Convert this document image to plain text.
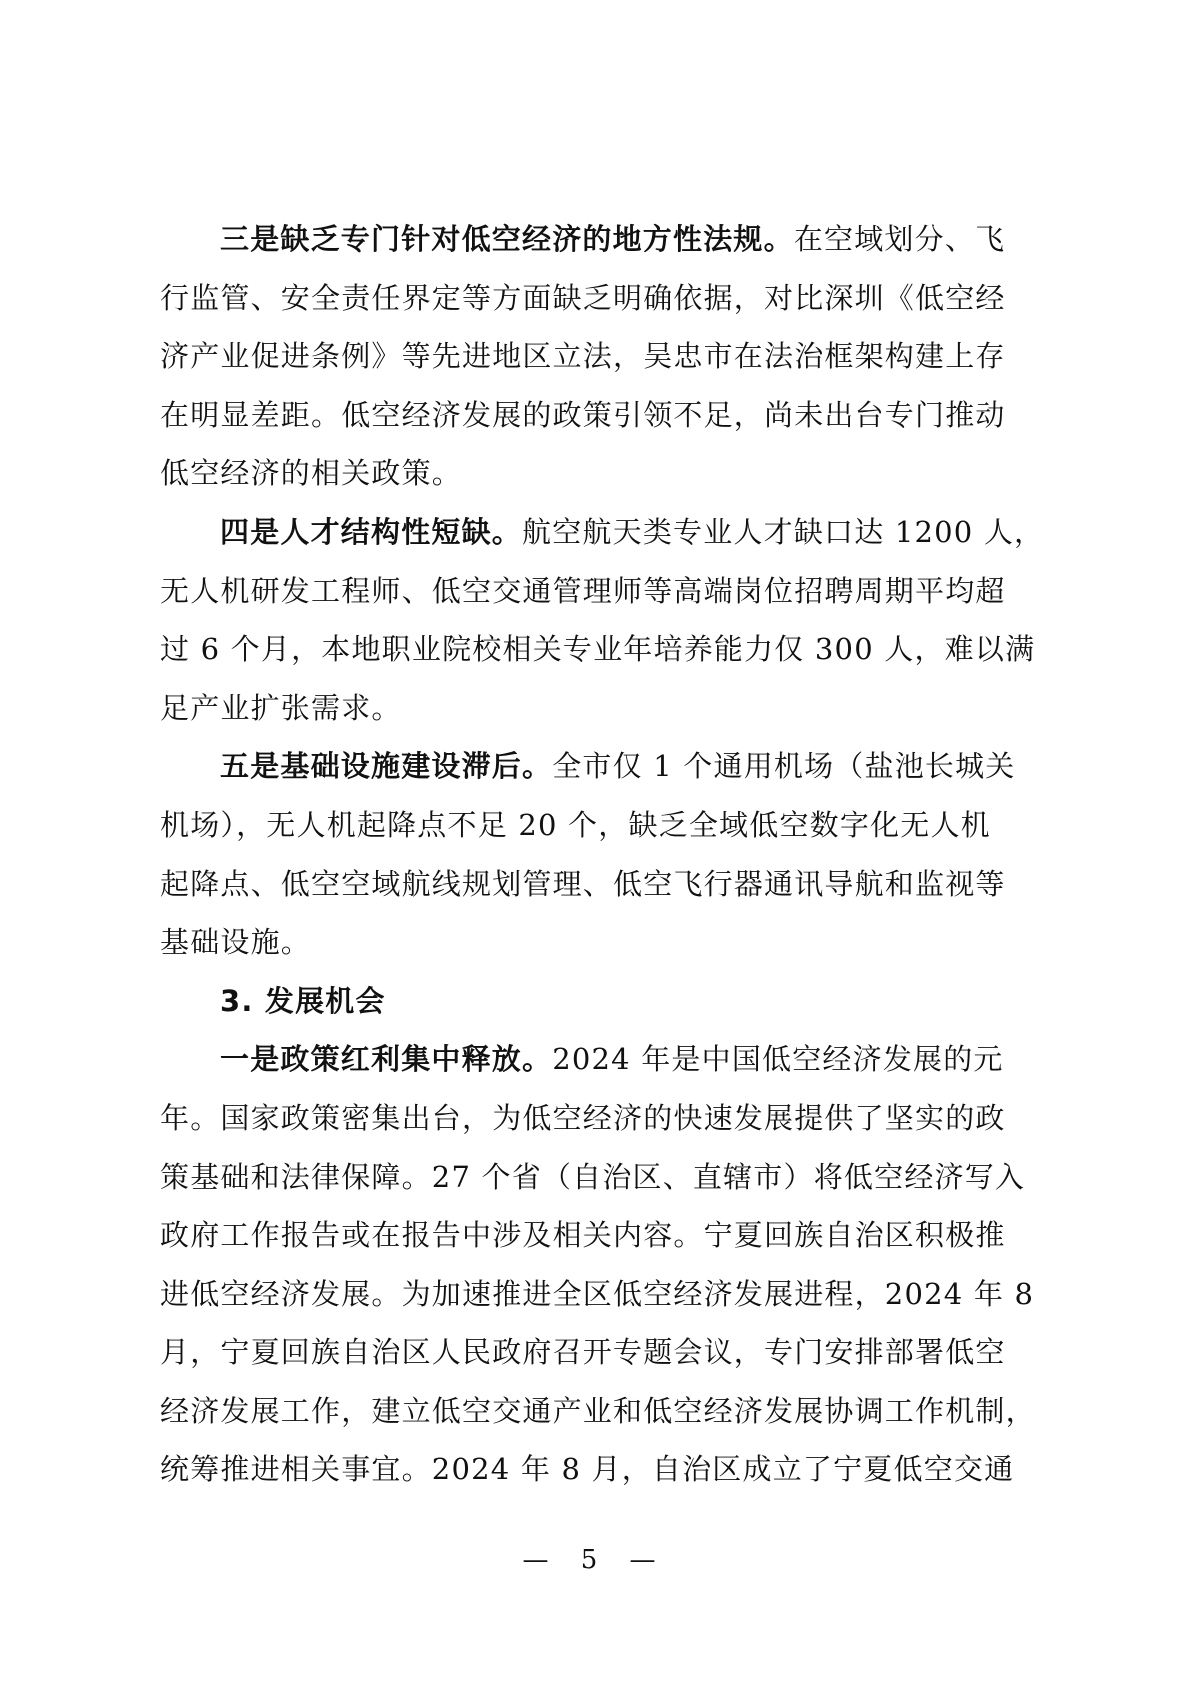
三是缺乏专门针对低空经济的地方性法规。在空域划分、飞
行监管、安全责任界定等方面缺乏明确依据，对比深圳《低空经
济产业促进条例》等先进地区立法，吴忠市在法治框架构建上存
在明显差距。低空经济发展的政策引领不足，尚未出台专门推动
低空经济的相关政策。
四是人才结构性短缺。航空航天类专业人才缺口达 1200 人，
无人机研发工程师、低空交通管理师等高端岗位招聘周期平均超
过 6 个月，本地职业院校相关专业年培养能力仅 300 人，难以满
足产业扩张需求。
五是基础设施建设滞后。全市仅 1 个通用机场（盐池长城关
机场），无人机起降点不足 20 个，缺乏全域低空数字化无人机
起降点、低空空域航线规划管理、低空飞行器通讯导航和监视等
基础设施。
3. 发展机会
一是政策红利集中释放。2024 年是中国低空经济发展的元
年。国家政策密集出台，为低空经济的快速发展提供了坚实的政
策基础和法律保障。27 个省（自治区、直辖市）将低空经济写入
政府工作报告或在报告中涉及相关内容。宁夏回族自治区积极推
进低空经济发展。为加速推进全区低空经济发展进程，2024 年 8
月，宁夏回族自治区人民政府召开专题会议，专门安排部署低空
经济发展工作，建立低空交通产业和低空经济发展协调工作机制，
统筹推进相关事宜。2024 年 8 月，自治区成立了宁夏低空交通
— 5 —
